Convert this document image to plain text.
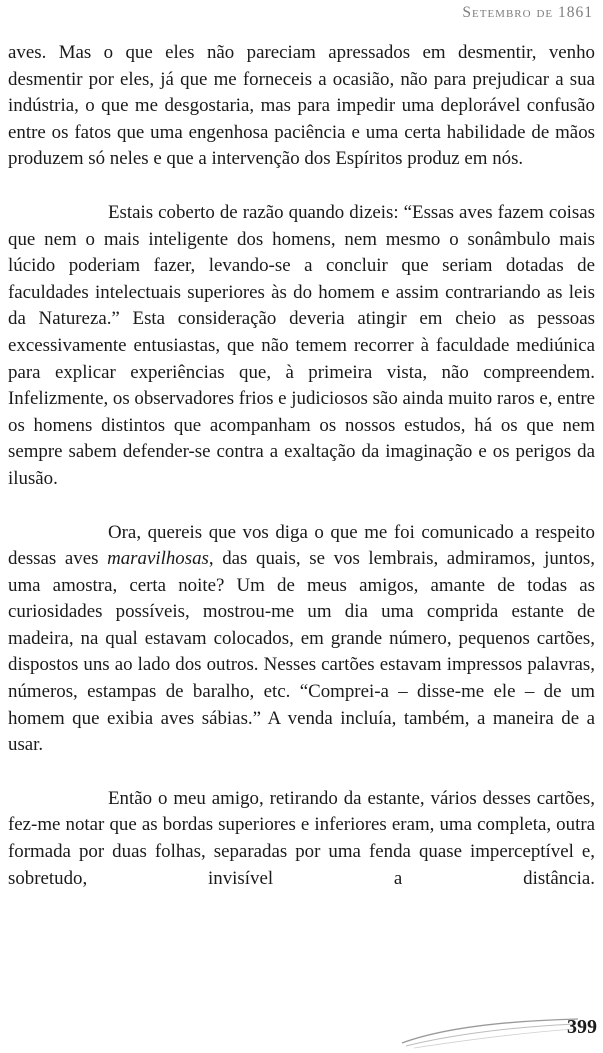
Setembro de 1861

aves. Mas o que eles não pareciam apressados em desmentir, venho desmentir por eles, já que me forneceis a ocasião, não para prejudicar a sua indústria, o que me desgostaria, mas para impedir uma deplorável confusão entre os fatos que uma engenhosa paciência e uma certa habilidade de mãos produzem só neles e que a intervenção dos Espíritos produz em nós.

Estais coberto de razão quando dizeis: “Essas aves fazem coisas que nem o mais inteligente dos homens, nem mesmo o sonâmbulo mais lúcido poderiam fazer, levando-se a concluir que seriam dotadas de faculdades intelectuais superiores às do homem e assim contrariando as leis da Natureza.” Esta consideração deveria atingir em cheio as pessoas excessivamente entusiastas, que não temem recorrer à faculdade mediúnica para explicar experiências que, à primeira vista, não compreendem. Infelizmente, os observadores frios e judiciosos são ainda muito raros e, entre os homens distintos que acompanham os nossos estudos, há os que nem sempre sabem defender-se contra a exaltação da imaginação e os perigos da ilusão.

Ora, quereis que vos diga o que me foi comunicado a respeito dessas aves maravilhosas, das quais, se vos lembrais, admiramos, juntos, uma amostra, certa noite? Um de meus amigos, amante de todas as curiosidades possíveis, mostrou-me um dia uma comprida estante de madeira, na qual estavam colocados, em grande número, pequenos cartões, dispostos uns ao lado dos outros. Nesses cartões estavam impressos palavras, números, estampas de baralho, etc. “Comprei-a – disse-me ele – de um homem que exibia aves sábias.” A venda incluía, também, a maneira de a usar.

Então o meu amigo, retirando da estante, vários desses cartões, fez-me notar que as bordas superiores e inferiores eram, uma completa, outra formada por duas folhas, separadas por uma fenda quase imperceptível e, sobretudo, invisível a distância.

399
